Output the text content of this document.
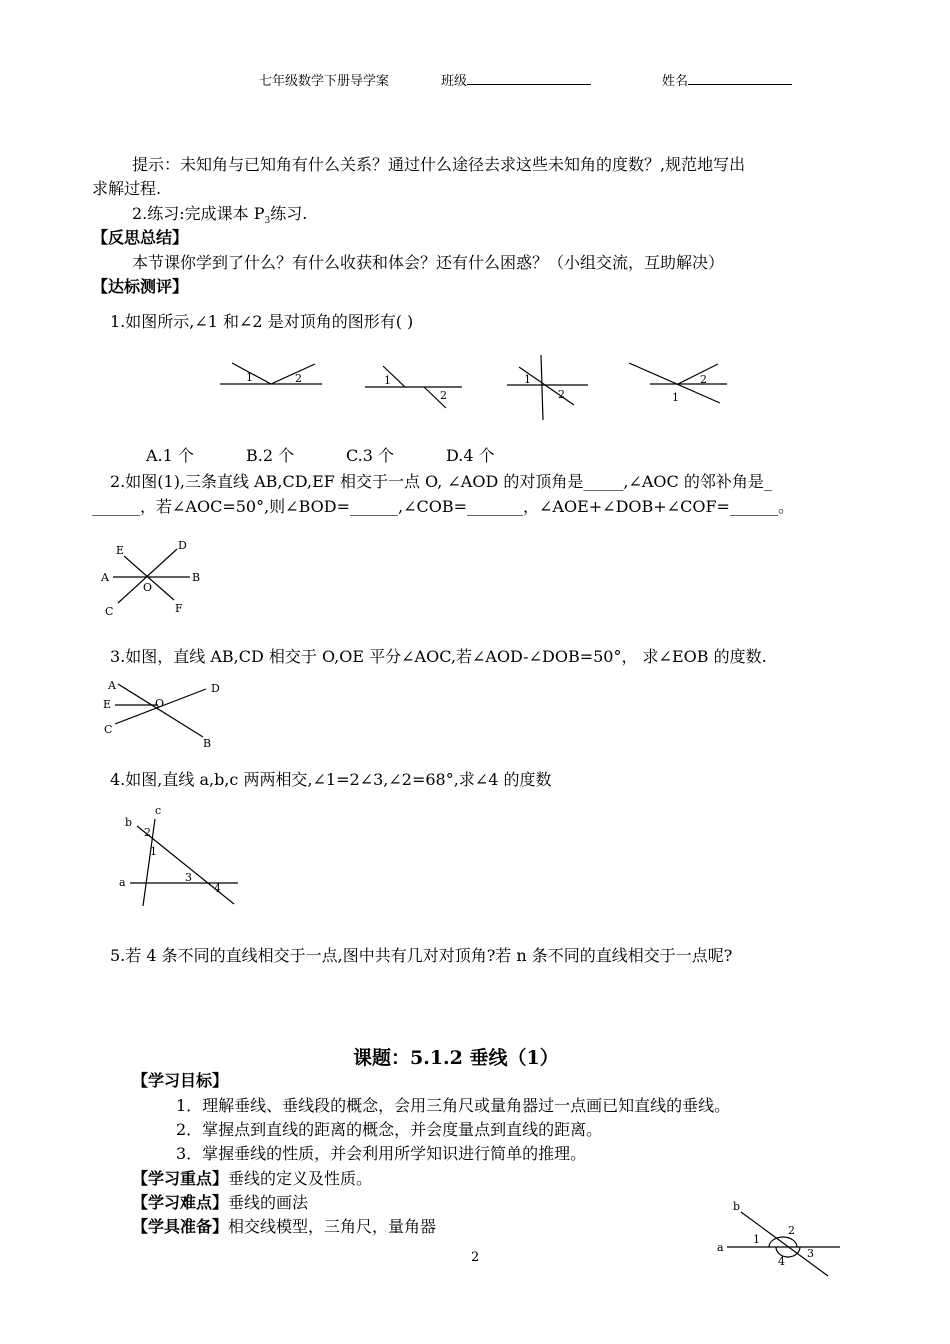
七年级数学下册导学案	班级	姓名
提示：未知角与已知角有什么关系？通过什么途径去求这些未知角的度数？,规范地写出
求解过程.
2.练习:完成课本 $P_3$练习.
【反思总结】
本节课你学到了什么？有什么收获和体会？还有什么困惑？（小组交流，互助解决）
【达标测评】
1.如图所示,∠1 和∠2 是对顶角的图形有( )
1	2	1
2
1
2
2
1
A.1 个	B.2 个	C.3 个	D.4 个
2.如图(1),三条直线 AB,CD,EF 相交于一点 O, ∠AOD 的对顶角是_____,∠AOC 的邻补角是_
______，若∠AOC=50°,则∠BOD=______,∠COB=_______，∠AOE+∠DOB+∠COF=______。
A	B
C
D
E
F
O
3.如图，直线 AB,CD 相交于 O,OE 平分∠AOC,若∠AOD-∠DOB=50°， 求∠EOB 的度数.
A
B
C
D
E	O
4.如图,直线 a,b,c 两两相交,∠1=2∠3,∠2=68°,求∠4 的度数
a
b
c
2
1
3
4
5.若 4 条不同的直线相交于一点,图中共有几对对顶角?若 n 条不同的直线相交于一点呢?
课题：5.1.2 垂线（1）
【学习目标】
1．理解垂线、垂线段的概念，会用三角尺或量角器过一点画已知直线的垂线。
2．掌握点到直线的距离的概念，并会度量点到直线的距离。
3．掌握垂线的性质，并会利用所学知识进行简单的推理。
【学习重点】垂线的定义及性质。
【学习难点】垂线的画法
【学具准备】相交线模型，三角尺，量角器
a
b
1
2
3
4
2
